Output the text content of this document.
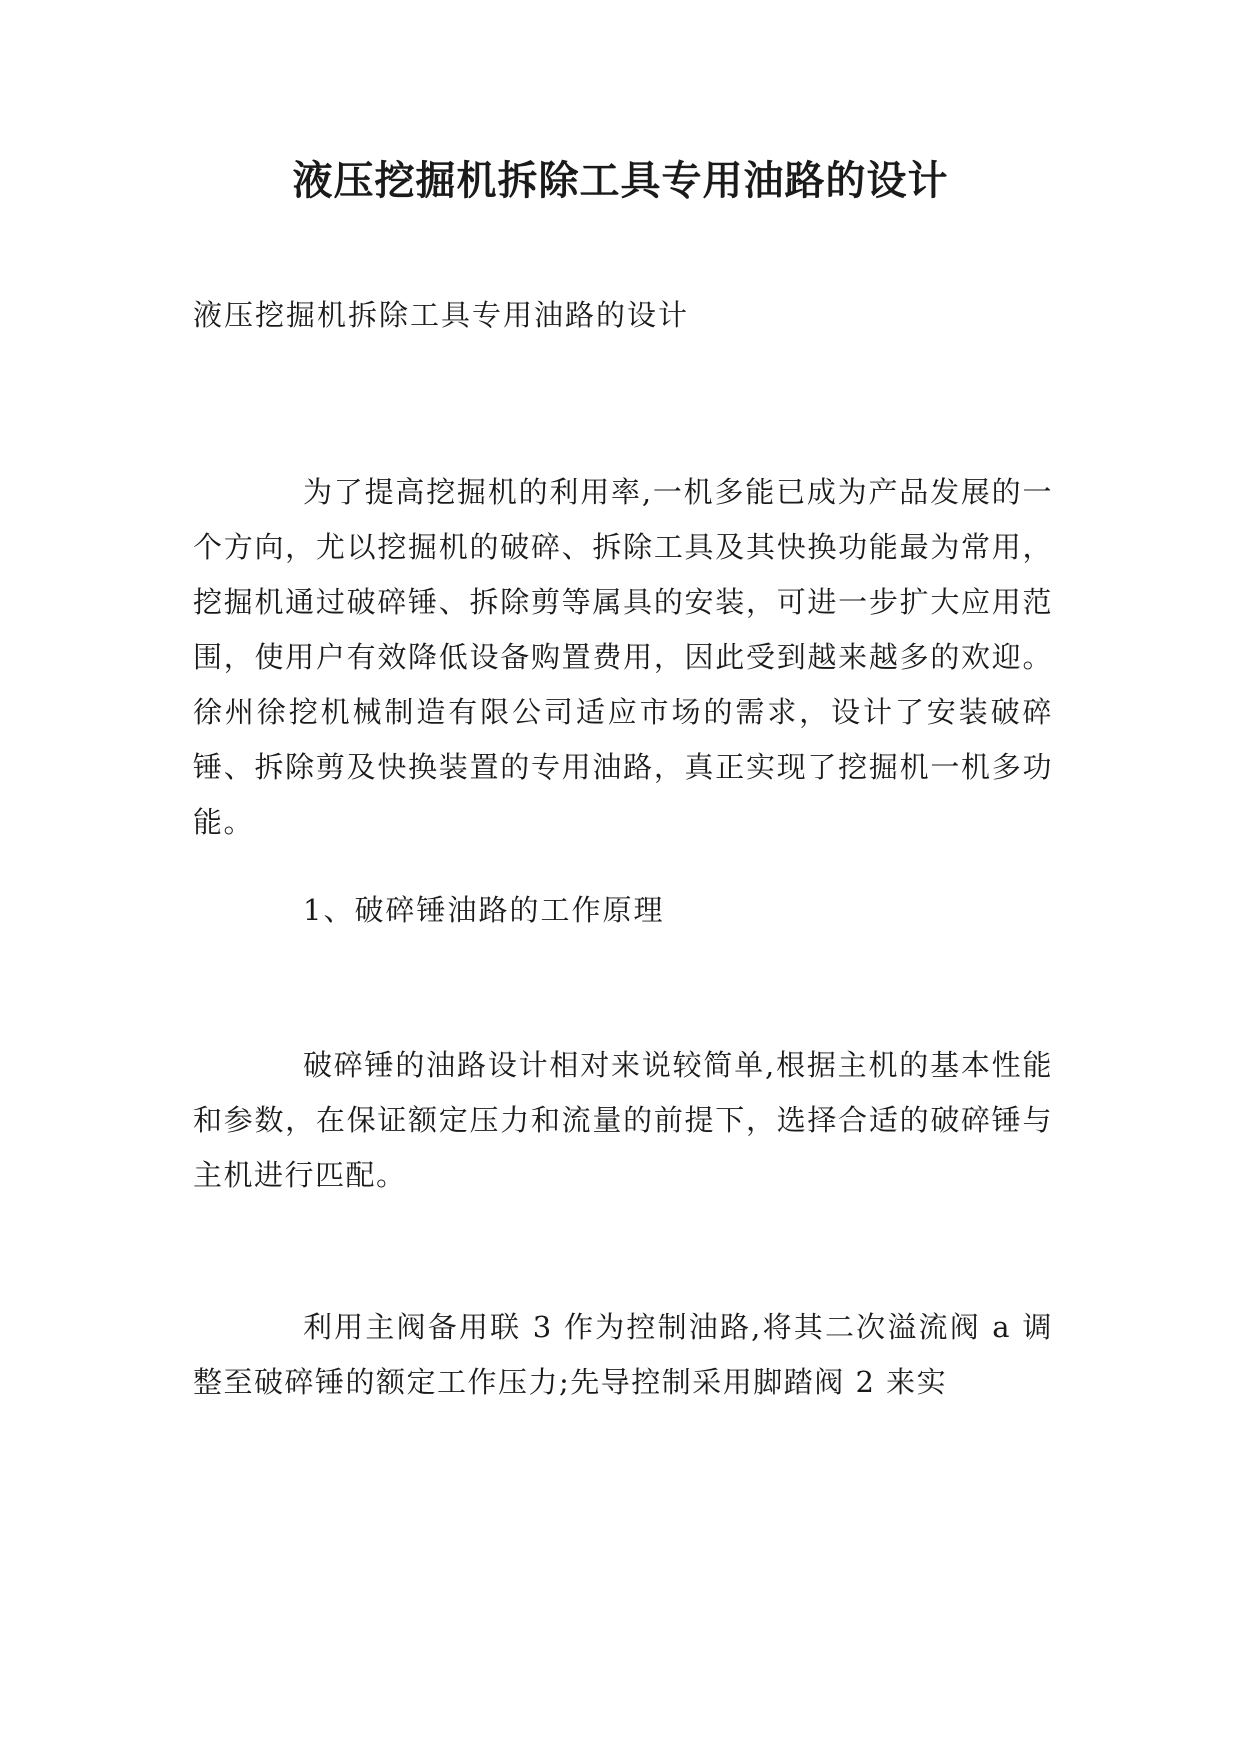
液压挖掘机拆除工具专用油路的设计
液压挖掘机拆除工具专用油路的设计

为了提高挖掘机的利用率,一机多能已成为产品发展的一个方向，尤以挖掘机的破碎、拆除工具及其快换功能最为常用，挖掘机通过破碎锤、拆除剪等属具的安装，可进一步扩大应用范围，使用户有效降低设备购置费用，因此受到越来越多的欢迎。徐州徐挖机械制造有限公司适应市场的需求，设计了安装破碎锤、拆除剪及快换装置的专用油路，真正实现了挖掘机一机多功能。

1、破碎锤油路的工作原理

破碎锤的油路设计相对来说较简单,根据主机的基本性能和参数，在保证额定压力和流量的前提下，选择合适的破碎锤与主机进行匹配。

利用主阀备用联 3 作为控制油路,将其二次溢流阀 a 调整至破碎锤的额定工作压力;先导控制采用脚踏阀 2 来实
